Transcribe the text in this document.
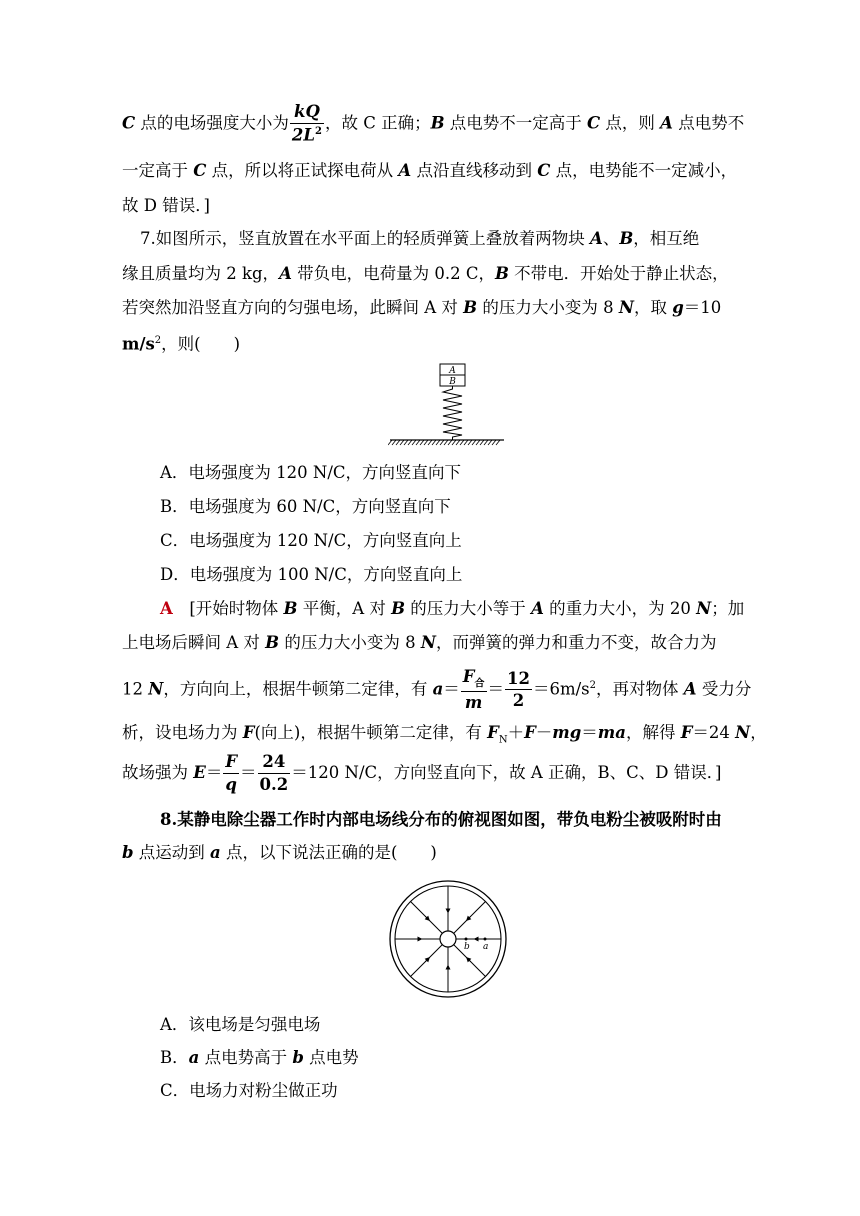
C 点的电场强度大小为 $\frac{kQ}{2L^2}$ ，故 C 正确；B 点电势不一定高于 C 点，则 A 点电势不
一定高于 C 点，所以将正试探电荷从 A 点沿直线移动到 C 点，电势能不一定减小，
故 D 错误．]
7.如图所示，竖直放置在水平面上的轻质弹簧上叠放着两物块 A、B，相互绝
缘且质量均为 2 kg，A 带负电，电荷量为 0.2 C，B 不带电．开始处于静止状态，
若突然加沿竖直方向的匀强电场，此瞬间 A 对 B 的压力大小变为 8 N，取 g＝10
$m/s^2$，则(　　)
A
B
A．电场强度为 120 N/C，方向竖直向下
B．电场强度为 60 N/C，方向竖直向下
C．电场强度为 120 N/C，方向竖直向上
D．电场强度为 100 N/C，方向竖直向上
A　[开始时物体 B 平衡，A 对 B 的压力大小等于 A 的重力大小，为 20 N；加
上电场后瞬间 A 对 B 的压力大小变为 8 N，而弹簧的弹力和重力不变，故合力为
12 N，方向向上，根据牛顿第二定律，有 $a= \frac{F_合}{m} = \frac{12}{2} =6m/s^2$，再对物体 A 受力分
析，设电场力为 F(向上)，根据牛顿第二定律，有 $F_N+F-mg=ma$，解得 F＝24 N，
故场强为 $E= \frac{F}{q} = \frac{24}{0.2} =120$ N/C，方向竖直向下，故 A 正确，B、C、D 错误．]
8.某静电除尘器工作时内部电场线分布的俯视图如图，带负电粉尘被吸附时由
b 点运动到 a 点，以下说法正确的是(　　)
b a
A．该电场是匀强电场
B．a 点电势高于 b 点电势
C．电场力对粉尘做正功
